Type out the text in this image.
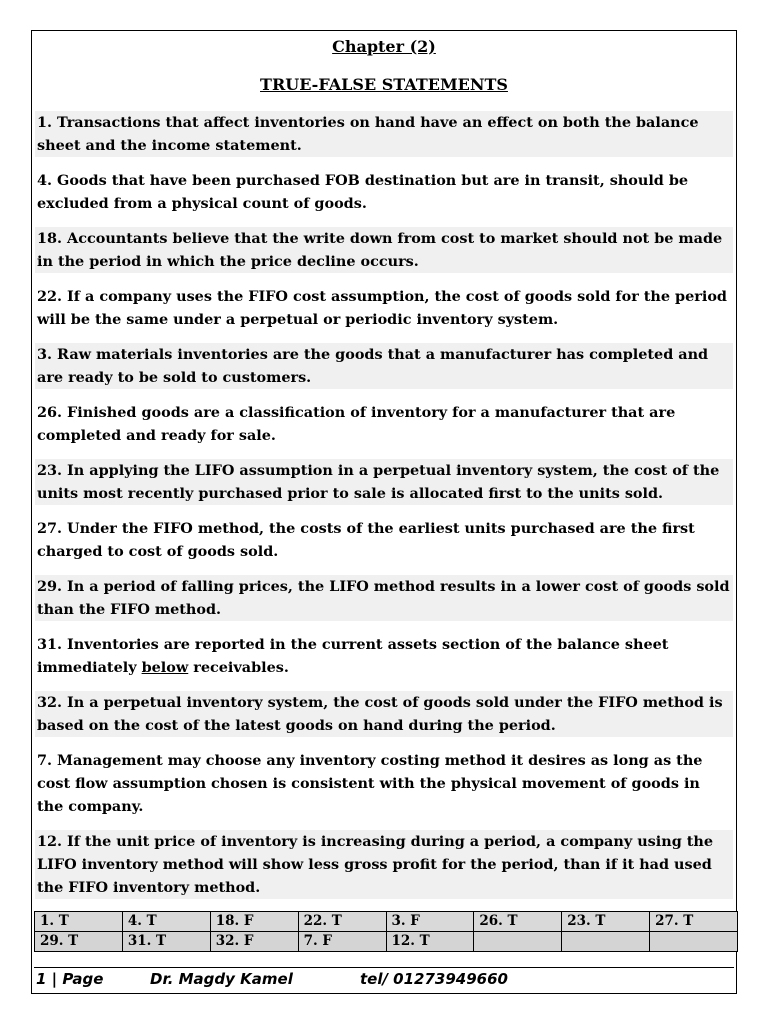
Chapter (2)
TRUE-FALSE STATEMENTS
1. Transactions that affect inventories on hand have an effect on both the balance sheet and the income statement.
4. Goods that have been purchased FOB destination but are in transit, should be excluded from a physical count of goods.
18. Accountants believe that the write down from cost to market should not be made in the period in which the price decline occurs.
22. If a company uses the FIFO cost assumption, the cost of goods sold for the period will be the same under a perpetual or periodic inventory system.
3. Raw materials inventories are the goods that a manufacturer has completed and are ready to be sold to customers.
26. Finished goods are a classification of inventory for a manufacturer that are completed and ready for sale.
23. In applying the LIFO assumption in a perpetual inventory system, the cost of the units most recently purchased prior to sale is allocated first to the units sold.
27. Under the FIFO method, the costs of the earliest units purchased are the first charged to cost of goods sold.
29. In a period of falling prices, the LIFO method results in a lower cost of goods sold than the FIFO method.
31. Inventories are reported in the current assets section of the balance sheet immediately below receivables.
32. In a perpetual inventory system, the cost of goods sold under the FIFO method is based on the cost of the latest goods on hand during the period.
7. Management may choose any inventory costing method it desires as long as the cost flow assumption chosen is consistent with the physical movement of goods in the company.
12. If the unit price of inventory is increasing during a period, a company using the LIFO inventory method will show less gross profit for the period, than if it had used the FIFO inventory method.
1. T	4. T	18. F	22. T	3. F	26. T	23. T	27. T
29. T	31. T	32. F	7. F	12. T			
1 | Page	Dr. Magdy Kamel	tel/ 01273949660
